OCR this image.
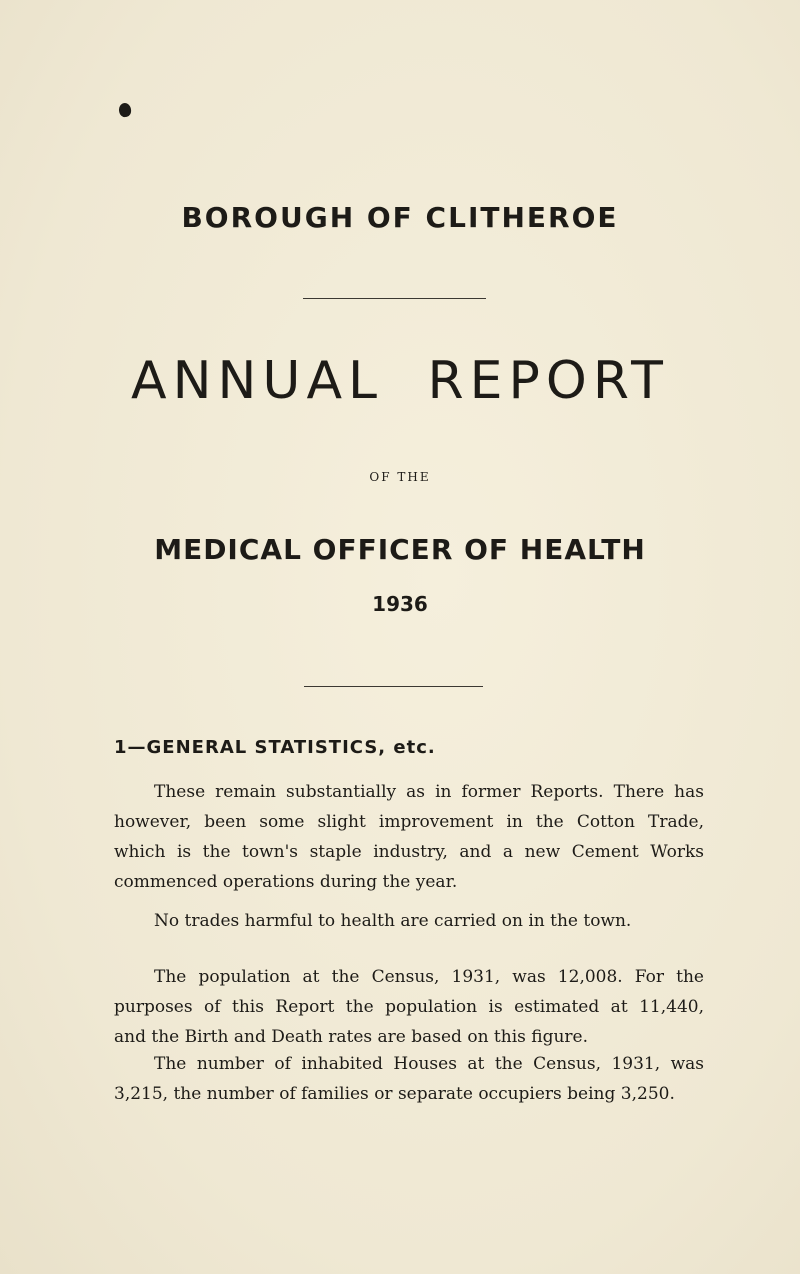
BOROUGH OF CLITHEROE
ANNUAL REPORT
OF THE
MEDICAL OFFICER OF HEALTH
1936
1—GENERAL STATISTICS, etc.
These remain substantially as in former Reports. There has
however, been some slight improvement in the Cotton Trade,
which is the town's staple industry, and a new Cement Works
commenced operations during the year.
No trades harmful to health are carried on in the town.
The population at the Census, 1931, was 12,008. For the
purposes of this Report the population is estimated at 11,440,
and the Birth and Death rates are based on this figure.
The number of inhabited Houses at the Census, 1931, was
3,215, the number of families or separate occupiers being 3,250.
